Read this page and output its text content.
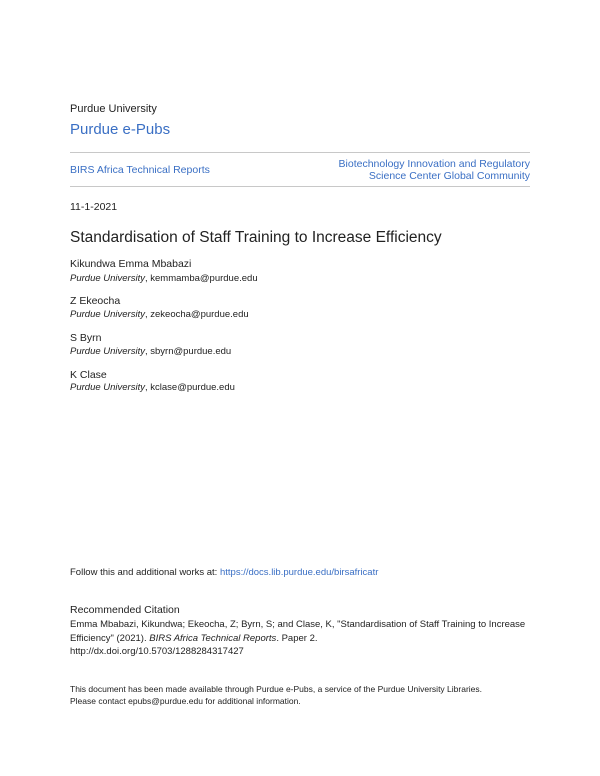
Purdue University
Purdue e-Pubs
BIRS Africa Technical Reports	Biotechnology Innovation and Regulatory
Science Center Global Community
11-1-2021
Standardisation of Staff Training to Increase Efficiency
Kikundwa Emma Mbabazi
Purdue University, kemmamba@purdue.edu
Z Ekeocha
Purdue University, zekeocha@purdue.edu
S Byrn
Purdue University, sbyrn@purdue.edu
K Clase
Purdue University, kclase@purdue.edu
Follow this and additional works at: https://docs.lib.purdue.edu/birsafricatr
Recommended Citation
Emma Mbabazi, Kikundwa; Ekeocha, Z; Byrn, S; and Clase, K, "Standardisation of Staff Training to Increase Efficiency" (2021). BIRS Africa Technical Reports. Paper 2.
http://dx.doi.org/10.5703/1288284317427
This document has been made available through Purdue e-Pubs, a service of the Purdue University Libraries.
Please contact epubs@purdue.edu for additional information.
